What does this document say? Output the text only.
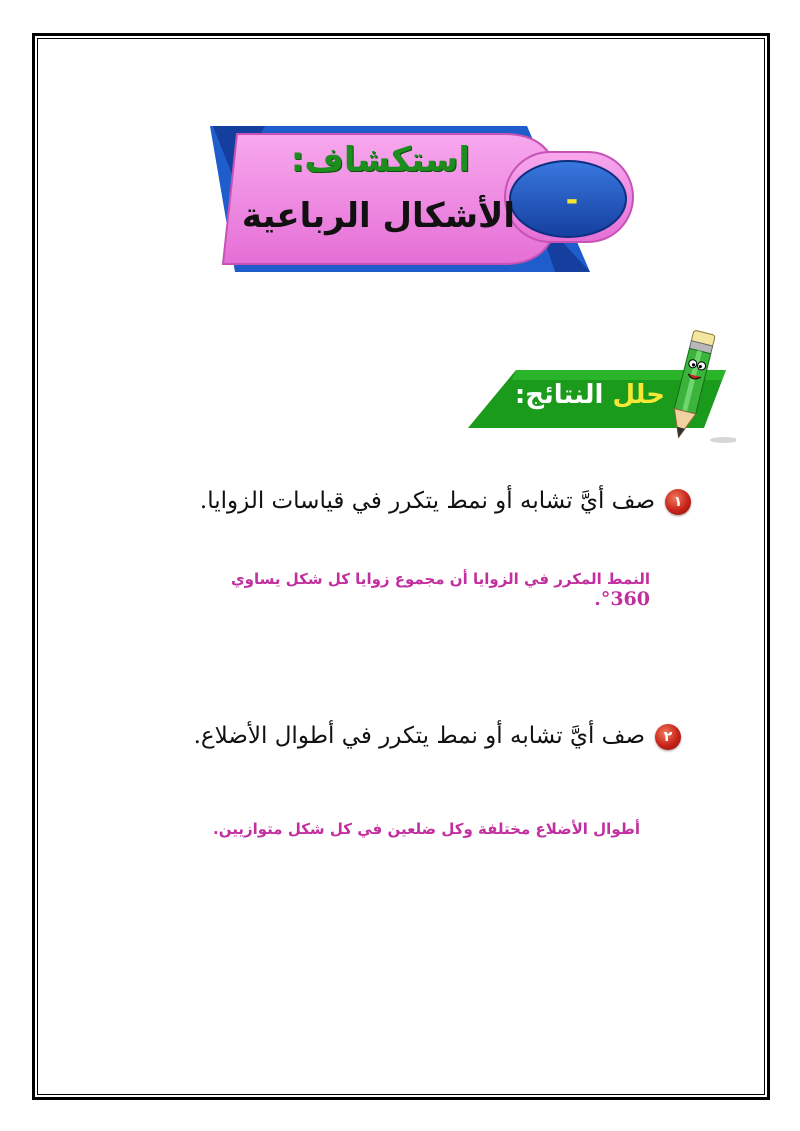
استكشاف:
الأشكال الرباعية -
حلل النتائج:
١
صف أيَّ تشابه أو نمط يتكرر في قياسات الزوايا.
النمط المكرر في الزوايا أن مجموع زوايا كل شكل يساوي 360°.
٢
صف أيَّ تشابه أو نمط يتكرر في أطوال الأضلاع.
أطوال الأضلاع مختلفة وكل ضلعين في كل شكل متوازيين.
